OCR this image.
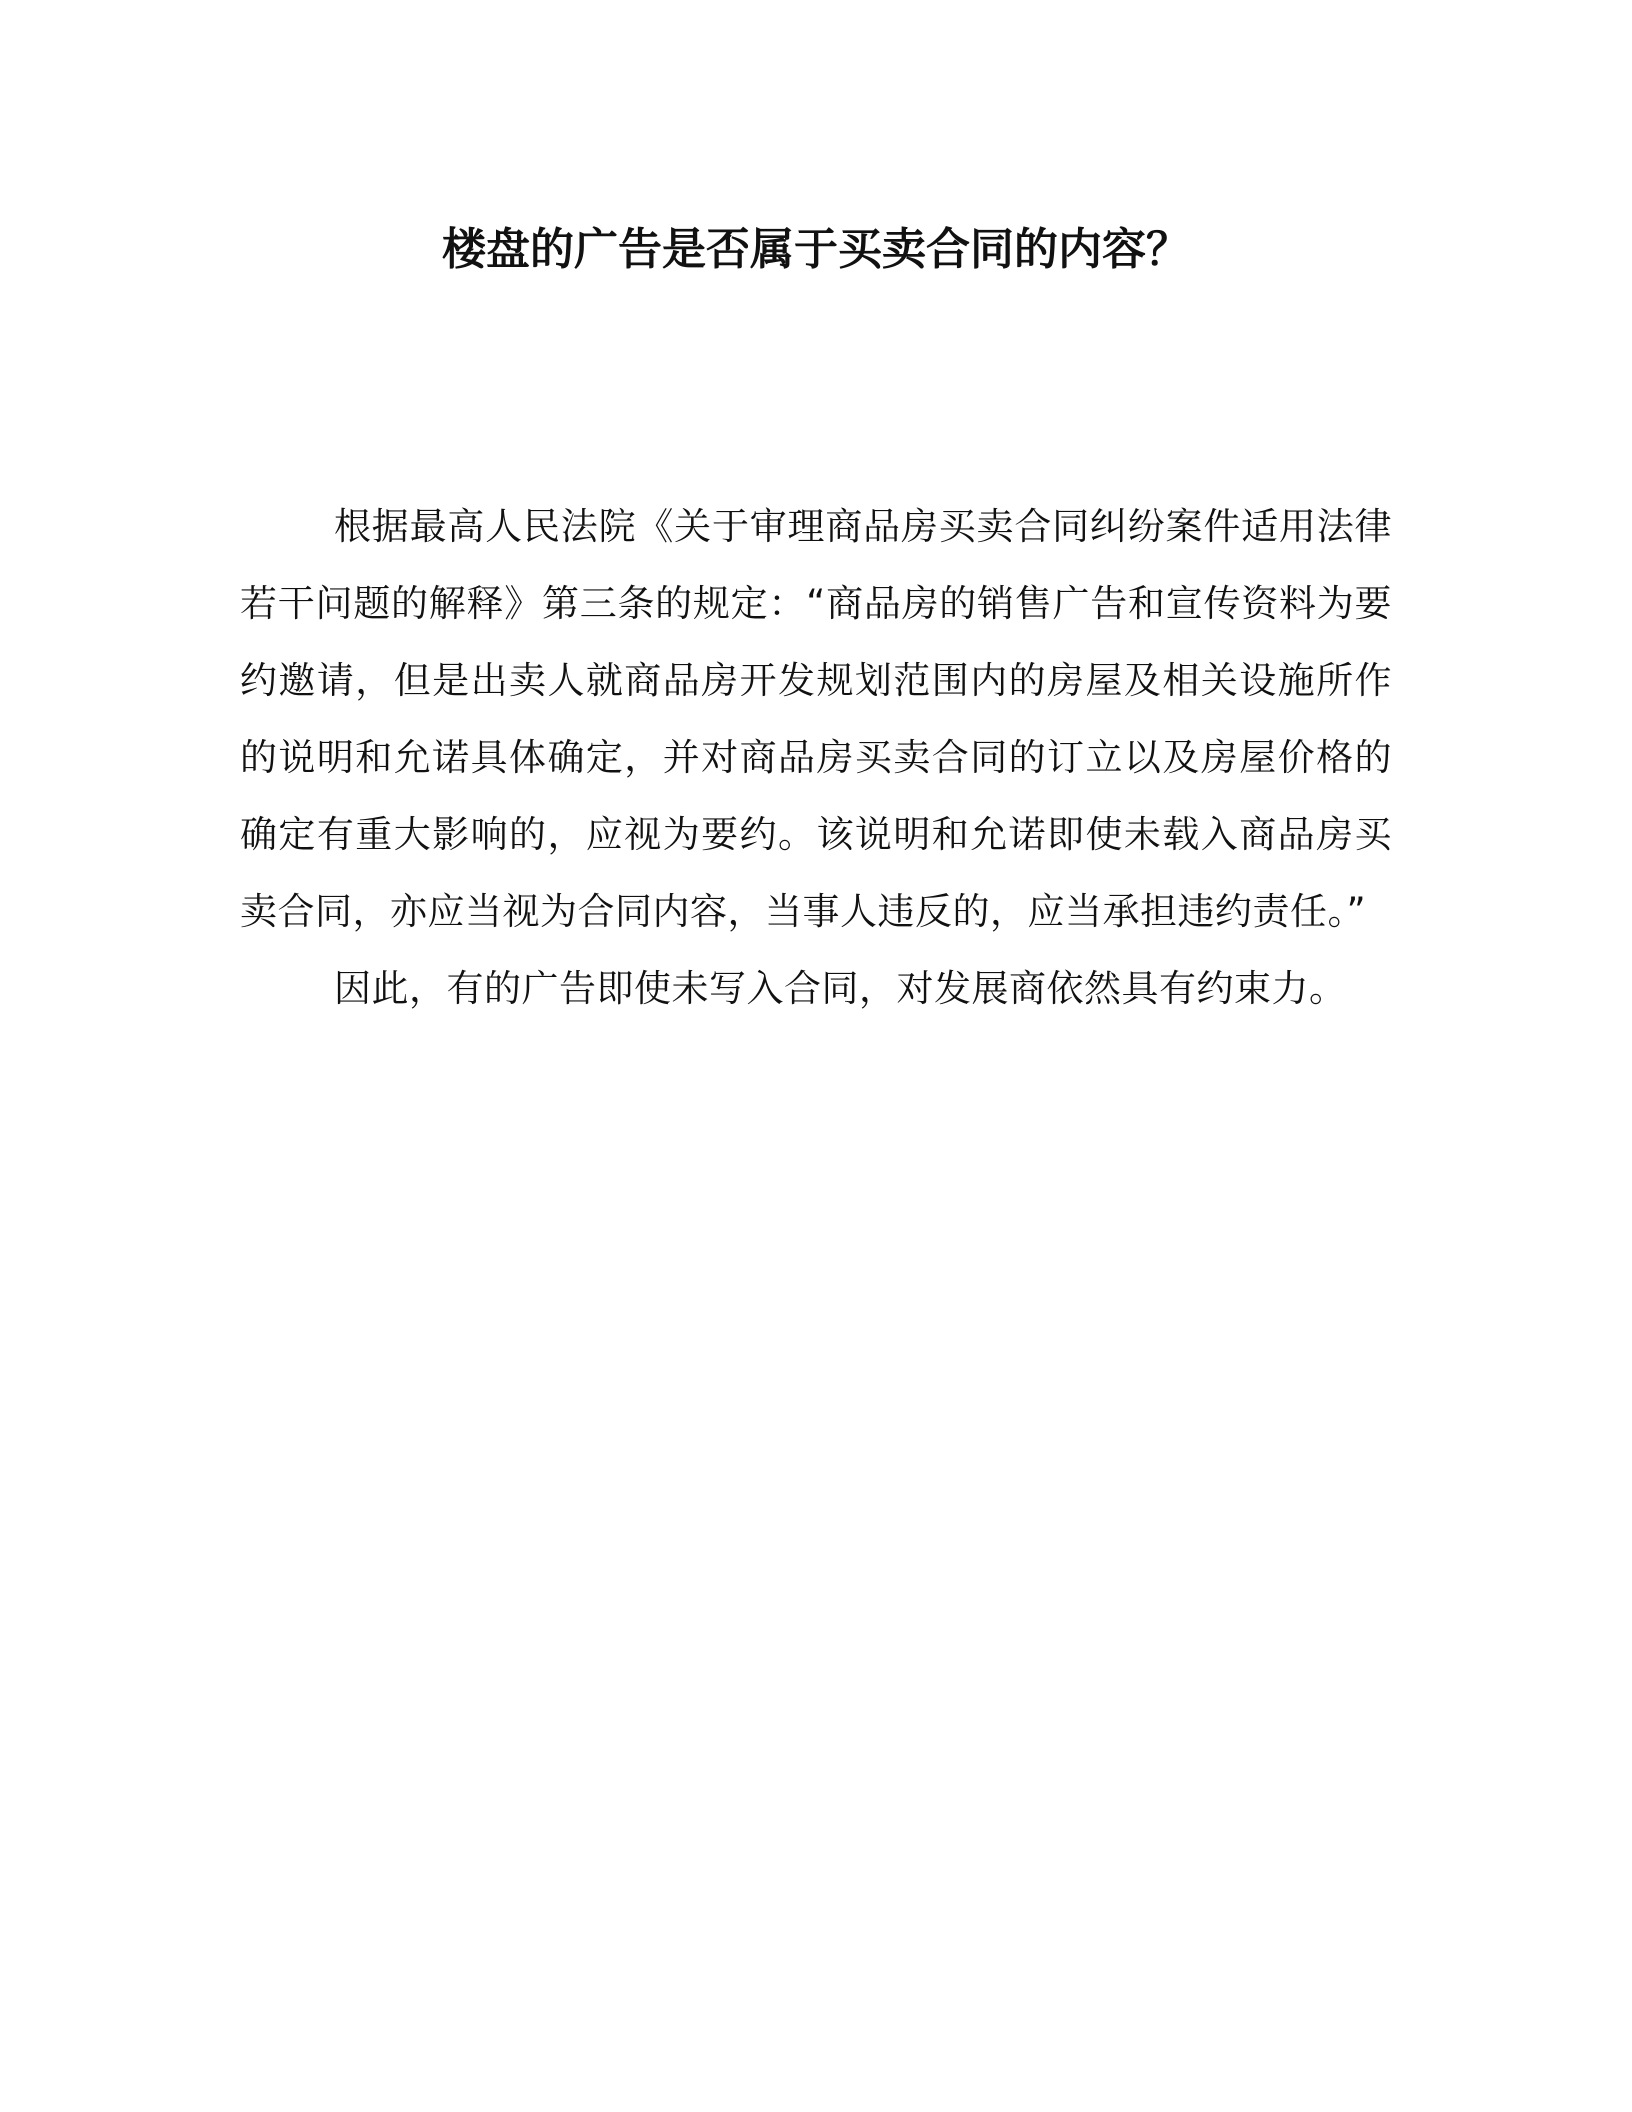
楼盘的广告是否属于买卖合同的内容？

根据最高人民法院《关于审理商品房买卖合同纠纷案件适用法律若干问题的解释》第三条的规定：“商品房的销售广告和宣传资料为要约邀请，但是出卖人就商品房开发规划范围内的房屋及相关设施所作的说明和允诺具体确定，并对商品房买卖合同的订立以及房屋价格的确定有重大影响的，应视为要约。该说明和允诺即使未载入商品房买卖合同，亦应当视为合同内容，当事人违反的，应当承担违约责任。”

因此，有的广告即使未写入合同，对发展商依然具有约束力。
